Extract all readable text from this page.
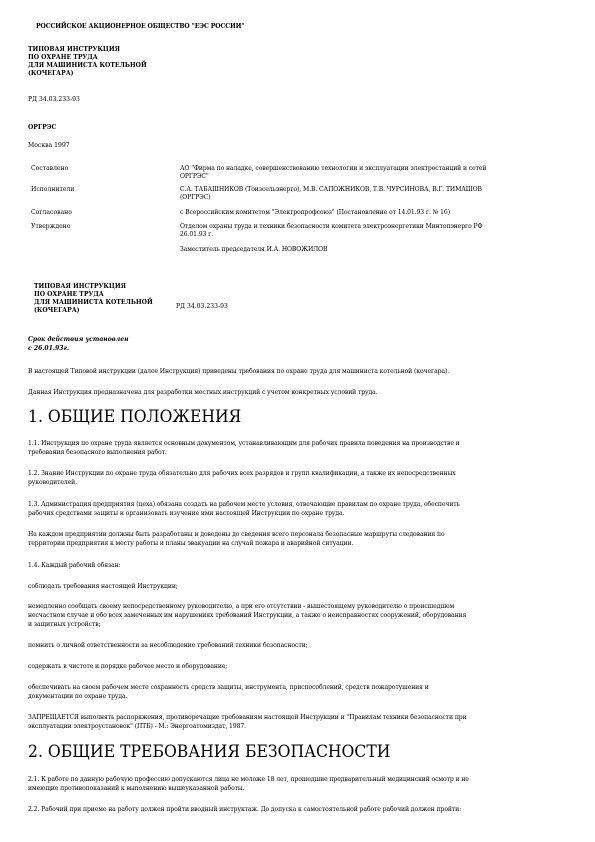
РОССИЙСКОЕ АКЦИОНЕРНОЕ ОБЩЕСТВО "ЕЭС РОССИИ"
ТИПОВАЯ ИНСТРУКЦИЯ
ПО ОХРАНЕ ТРУДА
ДЛЯ МАШИНИСТА КОТЕЛЬНОЙ
(КОЧЕГАРА)
РД 34.03.233-93
ОРГРЭС
Москва 1997
Составлено	АО "Фирма по наладке, совершенствованию технологии и эксплуатации электростанций и сетей
ОРГРЭС"
Исполнители	С.А. ТАБАШНИКОВ (Тоизсельэнерго), М.В. САПОЖНИКОВ, Т.В. ЧУРСИНОВА, В.Г. ТИМАШОВ
(ОРГРЭС)
Согласовано	с Всероссийским комитетом "Электропрофсоюз" (Постановление от 14.01.93 г. № 16)
Утверждено	Отделом охраны труда и техники безопасности комитета электроэнергетики Минтопэнерго РФ
26.01.93 г.
Заместитель председателя И.А. НОВОЖИЛОВ
ТИПОВАЯ ИНСТРУКЦИЯ
ПО ОХРАНЕ ТРУДА
ДЛЯ МАШИНИСТА КОТЕЛЬНОЙ
(КОЧЕГАРА)
РД 34.03.233-93
Срок действия установлен
с 26.01.93г.
В настоящей Типовой инструкции (далее Инструкция) приведены требования по охране труда для машиниста котельной (кочегара).
Данная Инструкция предназначена для разработки местных инструкций с учетом конкретных условий труда.
1. ОБЩИЕ ПОЛОЖЕНИЯ
1.1. Инструкция по охране труда является основным документом, устанавливающим для рабочих правила поведения на производстве и
требования безопасного выполнения работ.
1.2. Знание Инструкции по охране труда обязательно для рабочих всех разрядов и групп квалификации, а также их непосредственных
руководителей.
1.3. Администрация предприятия (цеха) обязана создать на рабочем месте условия, отвечающие правилам по охране труда, обеспечить
рабочих средствами защиты и организовать изучение ими настоящей Инструкции по охране труда.
На каждом предприятии должны быть разработаны и доведены до сведения всего персонала безопасные маршруты следования по
территории предприятия к месту работы и планы эвакуации на случай пожара и аварийной ситуации.
1.4. Каждый рабочий обязан:
соблюдать требования настоящей Инструкции;
немедленно сообщать своему непосредственному руководителю, а при его отсутствии - вышестоящему руководителю о происшедшем
несчастном случае и обо всех замеченных им нарушениях требований Инструкции, а также о неисправностях сооружений, оборудования
и защитных устройств;
помнить о личной ответственности за несоблюдение требований техники безопасности;
содержать в чистоте и порядке рабочее место и оборудование;
обеспечивать на своем рабочем месте сохранность средств защиты, инструмента, приспособлений, средств пожаротушения и
документации по охране труда.
ЗАПРЕЩАЕТСЯ выполнять распоряжения, противоречащие требованиям настоящей Инструкции и "Правилам техники безопасности при
эксплуатации электроустановок" (ПТБ) - М.: Энергоатомиздат, 1987.
2. ОБЩИЕ ТРЕБОВАНИЯ БЕЗОПАСНОСТИ
2.1. К работе по данную рабочую профессию допускаются лица не моложе 18 лет, прошедшие предварительный медицинский осмотр и не
имеющие противопоказаний к выполнению вышеуказанной работы.
2.2. Рабочий при приеме на работу должен пройти вводный инструктаж. До допуска к самостоятельной работе рабочий должен пройти:
